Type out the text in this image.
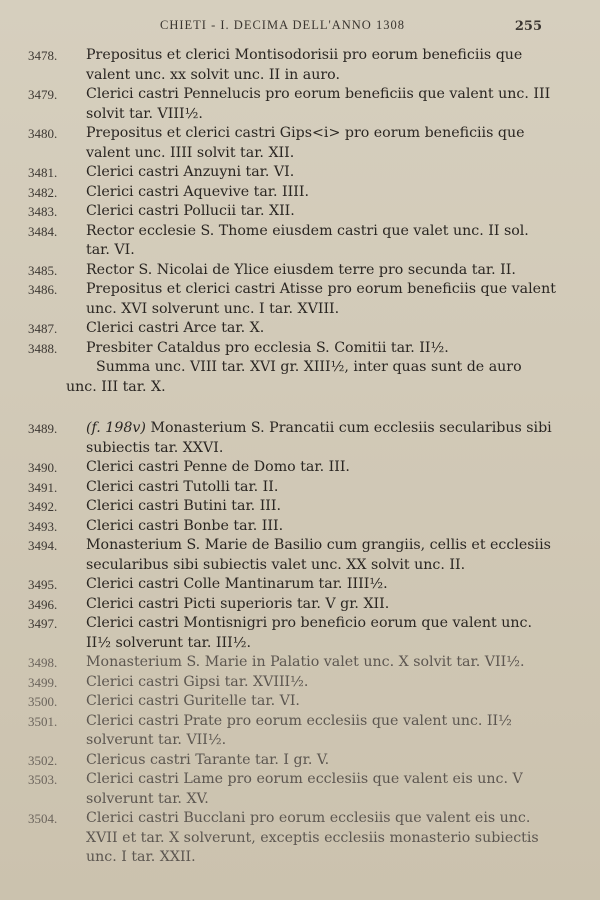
CHIETI - I. DECIMA DELL'ANNO 1308	255
3478.	Prepositus et clerici Montisodorisii pro eorum beneficiis que valent unc. xx solvit unc. II in auro.
3479.	Clerici castri Pennelucis pro eorum beneficiis que valent unc. III solvit tar. VIII½.
3480.	Prepositus et clerici castri Gips<i> pro eorum beneficiis que valent unc. IIII solvit tar. XII.
3481.	Clerici castri Anzuyni tar. VI.
3482.	Clerici castri Aquevive tar. IIII.
3483.	Clerici castri Pollucii tar. XII.
3484.	Rector ecclesie S. Thome eiusdem castri que valet unc. II sol. tar. VI.
3485.	Rector S. Nicolai de Ylice eiusdem terre pro secunda tar. II.
3486.	Prepositus et clerici castri Atisse pro eorum beneficiis que valent unc. XVI solverunt unc. I tar. XVIII.
3487.	Clerici castri Arce tar. X.
3488.	Presbiter Cataldus pro ecclesia S. Comitii tar. II½.
Summa unc. VIII tar. XVI gr. XIII½, inter quas sunt de auro unc. III tar. X.
3489.	(f. 198v) Monasterium S. Prancatii cum ecclesiis secularibus sibi subiectis tar. XXVI.
3490.	Clerici castri Penne de Domo tar. III.
3491.	Clerici castri Tutolli tar. II.
3492.	Clerici castri Butini tar. III.
3493.	Clerici castri Bonbe tar. III.
3494.	Monasterium S. Marie de Basilio cum grangiis, cellis et ecclesiis secularibus sibi subiectis valet unc. XX solvit unc. II.
3495.	Clerici castri Colle Mantinarum tar. IIII½.
3496.	Clerici castri Picti superioris tar. V gr. XII.
3497.	Clerici castri Montisnigri pro beneficio eorum que valent unc. II½ solverunt tar. III½.
3498.	Monasterium S. Marie in Palatio valet unc. X solvit tar. VII½.
3499.	Clerici castri Gipsi tar. XVIII½.
3500.	Clerici castri Guritelle tar. VI.
3501.	Clerici castri Prate pro eorum ecclesiis que valent unc. II½ solverunt tar. VII½.
3502.	Clericus castri Tarante tar. I gr. V.
3503.	Clerici castri Lame pro eorum ecclesiis que valent eis unc. V solverunt tar. XV.
3504.	Clerici castri Bucclani pro eorum ecclesiis que valent eis unc. XVII et tar. X solverunt, exceptis ecclesiis monasterio subiectis unc. I tar. XXII.
